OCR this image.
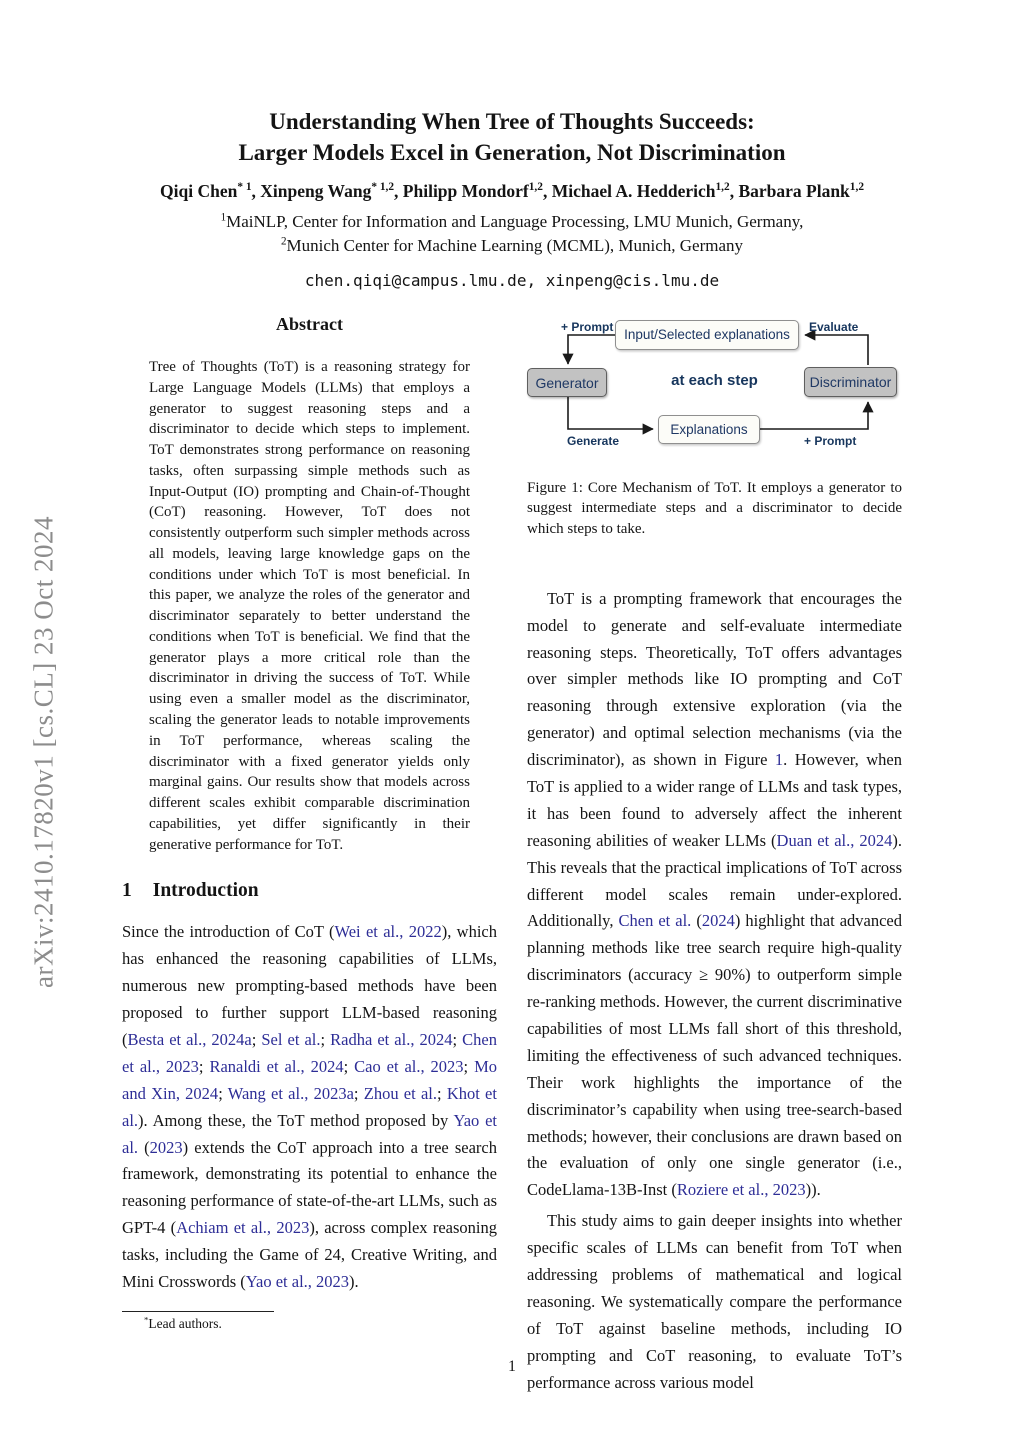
arXiv:2410.17820v1 [cs.CL] 23 Oct 2024
Understanding When Tree of Thoughts Succeeds:
Larger Models Excel in Generation, Not Discrimination
Qiqi Chen$^{* 1}$, Xinpeng Wang$^{* 1,2}$, Philipp Mondorf$^{1,2}$, Michael A. Hedderich$^{1,2}$, Barbara Plank$^{1,2}$
$^1$MaiNLP, Center for Information and Language Processing, LMU Munich, Germany,
$^2$Munich Center for Machine Learning (MCML), Munich, Germany
chen.qiqi@campus.lmu.de, xinpeng@cis.lmu.de
Abstract

Tree of Thoughts (ToT) is a reasoning strategy for Large Language Models (LLMs) that employs a generator to suggest reasoning steps and a discriminator to decide which steps to implement. ToT demonstrates strong performance on reasoning tasks, often surpassing simple methods such as Input-Output (IO) prompting and Chain-of-Thought (CoT) reasoning. However, ToT does not consistently outperform such simpler methods across all models, leaving large knowledge gaps on the conditions under which ToT is most beneficial. In this paper, we analyze the roles of the generator and discriminator separately to better understand the conditions when ToT is beneficial. We find that the generator plays a more critical role than the discriminator in driving the success of ToT. While using even a smaller model as the discriminator, scaling the generator leads to notable improvements in ToT performance, whereas scaling the discriminator with a fixed generator yields only marginal gains. Our results show that models across different scales exhibit comparable discrimination capabilities, yet differ significantly in their generative performance for ToT.

1 Introduction

Since the introduction of CoT (Wei et al., 2022), which has enhanced the reasoning capabilities of LLMs, numerous new prompting-based methods have been proposed to further support LLM-based reasoning (Besta et al., 2024a; Sel et al.; Radha et al., 2024; Chen et al., 2023; Ranaldi et al., 2024; Cao et al., 2023; Mo and Xin, 2024; Wang et al., 2023a; Zhou et al.; Khot et al.). Among these, the ToT method proposed by Yao et al. (2023) extends the CoT approach into a tree search framework, demonstrating its potential to enhance the reasoning performance of state-of-the-art LLMs, such as GPT-4 (Achiam et al., 2023), across complex reasoning tasks, including the Game of 24, Creative Writing, and Mini Crosswords (Yao et al., 2023).

*Lead authors.
Input/Selected explanations
Generator	Discriminator
Explanations
at each step
+ Prompt	Evaluate
Generate	+ Prompt
Figure 1: Core Mechanism of ToT. It employs a generator to suggest intermediate steps and a discriminator to decide which steps to take.

ToT is a prompting framework that encourages the model to generate and self-evaluate intermediate reasoning steps. Theoretically, ToT offers advantages over simpler methods like IO prompting and CoT reasoning through extensive exploration (via the generator) and optimal selection mechanisms (via the discriminator), as shown in Figure 1. However, when ToT is applied to a wider range of LLMs and task types, it has been found to adversely affect the inherent reasoning abilities of weaker LLMs (Duan et al., 2024). This reveals that the practical implications of ToT across different model scales remain under-explored. Additionally, Chen et al. (2024) highlight that advanced planning methods like tree search require high-quality discriminators (accuracy ≥ 90%) to outperform simple re-ranking methods. However, the current discriminative capabilities of most LLMs fall short of this threshold, limiting the effectiveness of such advanced techniques. Their work highlights the importance of the discriminator’s capability when using tree-search-based methods; however, their conclusions are drawn based on the evaluation of only one single generator (i.e., CodeLlama-13B-Inst (Roziere et al., 2023)).

This study aims to gain deeper insights into whether specific scales of LLMs can benefit from ToT when addressing problems of mathematical and logical reasoning. We systematically compare the performance of ToT against baseline methods, including IO prompting and CoT reasoning, to evaluate ToT’s performance across various model

1
